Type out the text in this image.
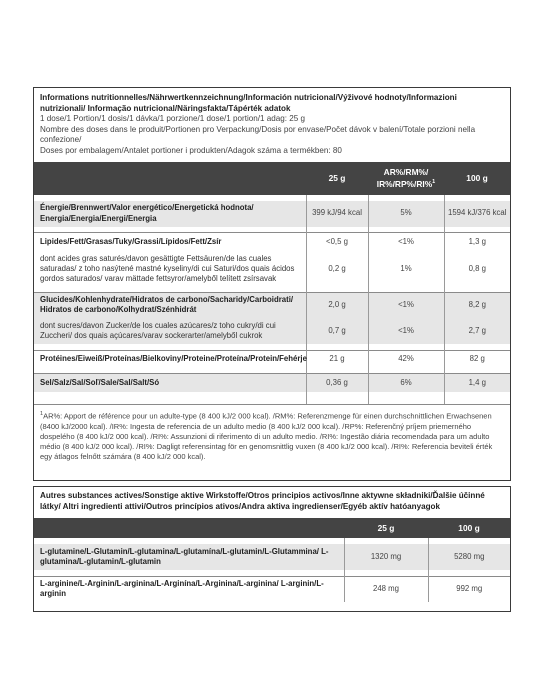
Informations nutritionnelles/Nährwertkennzeichnung/Información nutricional/Výživové hodnoty/Informazioni nutrizionali/ Informação nutricional/Näringsfakta/Tápérték adatok
1 dose/1 Portion/1 dosis/1 dávka/1 porzione/1 dose/1 portion/1 adag: 25 g
Nombre des doses dans le produit/Portionen pro Verpackung/Dosis por envase/Počet dávok v balení/Totale porzioni nella confezione/
Doses por embalagem/Antalet portioner i produkten/Adagok száma a termékben: 80
	25 g	AR%/RM%/ IR%/RP%/RI%$^1$	100 g

Énergie/Brennwert/Valor energético/Energetická hodnota/ Energia/Energia/Energi/Energia	399 kJ/94 kcal	5%	1594 kJ/376 kcal

Lipides/Fett/Grasas/Tuky/Grassi/Lípidos/Fett/Zsír	<0,5 g	<1%	1,3 g
dont acides gras saturés/davon gesättigte Fettsäuren/de las cuales saturadas/ z toho nasýtené mastné kyseliny/di cui Saturi/dos quais ácidos gordos saturados/ varav mättade fettsyror/amelyből telített zsírsavak	0,2 g	1%	0,8 g

Glucides/Kohlenhydrate/Hidratos de carbono/Sacharidy/Carboidrati/ Hidratos de carbono/Kolhydrat/Szénhidrát	2,0 g	<1%	8,2 g
dont sucres/davon Zucker/de los cuales azúcares/z toho cukry/di cui Zuccheri/ dos quais açúcares/varav sockerarter/amelyből cukrok	0,7 g	<1%	2,7 g

Protéines/Eiweiß/Proteínas/Bielkoviny/Proteine/Proteína/Protein/Fehérje	21 g	42%	82 g

Sel/Salz/Sal/Soľ/Sale/Sal/Salt/Só	0,36 g	6%	1,4 g

$^1$AR%: Apport de référence pour un adulte-type (8 400 kJ/2 000 kcal). /RM%: Referenzmenge für einen durchschnittlichen Erwachsenen (8400 kJ/2000 kcal). /IR%: Ingesta de referencia de un adulto medio (8 400 kJ/2 000 kcal). /RP%: Referenčný príjem priemerného dospelého (8 400 kJ/2 000 kcal). /RI%: Assunzioni di riferimento di un adulto medio. /RI%: Ingestão diária recomendada para um adulto médio (8 400 kJ/2 000 kcal). /RI%: Dagligt referensintag för en genomsnittlig vuxen (8 400 kJ/2 000 kcal). /RI%: Referencia beviteli érték egy átlagos felnőtt számára (8 400 kJ/2 000 kcal).
Autres substances actives/Sonstige aktive Wirkstoffe/Otros principios activos/Inne aktywne składniki/Ďalšie účinné látky/ Altri ingredienti attivi/Outros princípios ativos/Andra aktiva ingredienser/Egyéb aktív hatóanyagok
	25 g	100 g

L-glutamine/L-Glutamin/L-glutamina/L-glutamína/L-glutamin/L-Glutammina/ L-glutamina/L-glutamin/L-glutamin	1320 mg	5280 mg

L-arginine/L-Arginin/L-arginina/L-Arginína/L-Arginina/L-arginina/ L-arginin/L-arginin	248 mg	992 mg
